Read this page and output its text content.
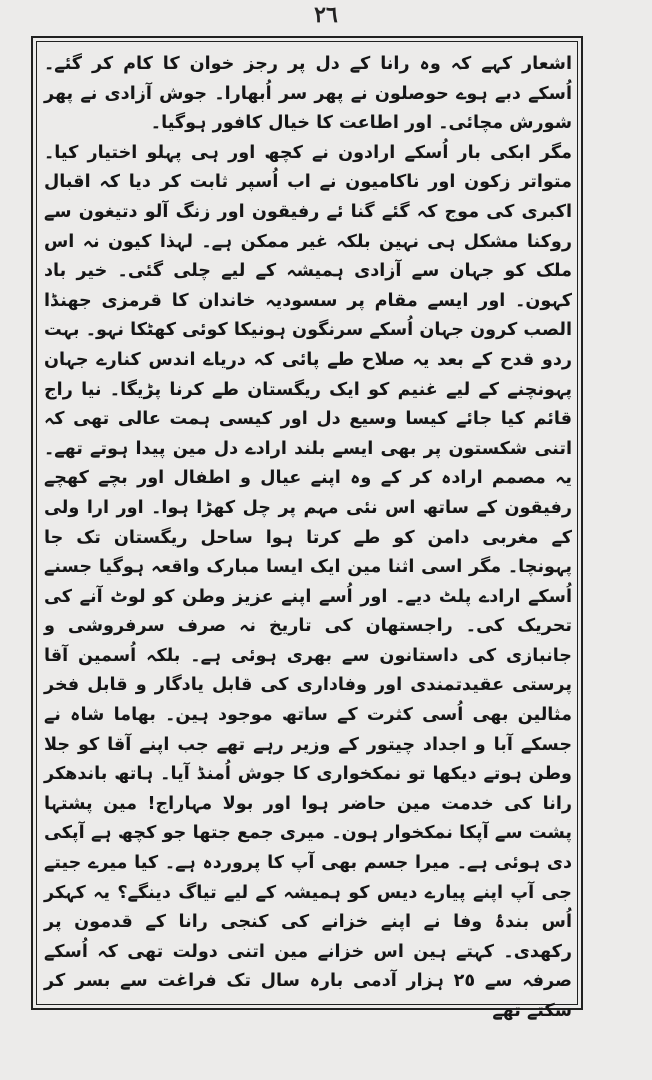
٢٦

اشعار کہے کہ وہ رانا کے دل پر رجز خوان کا کام کر گئے۔ اُسکے دبے ہوے حوصلون نے پھر سر اُبھارا۔ جوش آزادی نے پھر شورش مچائی۔ اور اطاعت کا خیال کافور ہوگیا۔

مگر ابکی بار اُسکے ارادون نے کچھ اور ہی پہلو اختیار کیا۔ متواتر زکون اور ناکامیون نے اب اُسپر ثابت کر دیا کہ اقبال اکبری کی موج کہ گئے گنا ئے رفیقون اور زنگ آلو دتیغون سے روکنا مشکل ہی نہین بلکہ غیر ممکن ہے۔ لہذا کیون نہ اس ملک کو جہان سے آزادی ہمیشہ کے لیے چلی گئی۔ خیر باد کہون۔ اور ایسے مقام پر سسودیہ خاندان کا قرمزی جھنڈا الصب کرون جہان اُسکے سرنگون ہونیکا کوئی کھٹکا نہو۔ بہت ردو قدح کے بعد یہ صلاح طے پائی کہ دریاے اندس کنارے جہان پہونچنے کے لیے غنیم کو ایک ریگستان طے کرنا پڑیگا۔ نیا راج قائم کیا جائے کیسا وسیع دل اور کیسی ہمت عالی تھی کہ اتنی شکستون پر بھی ایسے بلند ارادے دل مین پیدا ہوتے تھے۔ یہ مصمم ارادہ کر کے وہ اپنے عیال و اطفال اور بچے کھچے رفیقون کے ساتھ اس نئی مہم پر چل کھڑا ہوا۔ اور ارا ولی کے مغربی دامن کو طے کرتا ہوا ساحل ریگستان تک جا پہونچا۔ مگر اسی اثنا مین ایک ایسا مبارک واقعہ ہوگیا جسنے اُسکے ارادے پلٹ دیے۔ اور اُسے اپنے عزیز وطن کو لوٹ آنے کی تحریک کی۔ راجستھان کی تاریخ نہ صرف سرفروشی و جانبازی کی داستانون سے بھری ہوئی ہے۔ بلکہ اُسمین آقا پرستی عقیدتمندی اور وفاداری کی قابل یادگار و قابل فخر مثالین بھی اُسی کثرت کے ساتھ موجود ہین۔ بھاما شاہ نے جسکے آبا و اجداد چیتور کے وزیر رہے تھے جب اپنے آقا کو جلا وطن ہوتے دیکھا تو نمکخواری کا جوش اُمنڈ آیا۔ ہاتھ باندھکر رانا کی خدمت مین حاضر ہوا اور بولا مہاراج! مین پشتہا پشت سے آپکا نمکخوار ہون۔ میری جمع جتھا جو کچھ ہے آپکی دی ہوئی ہے۔ میرا جسم بھی آپ کا پروردہ ہے۔ کیا میرے جیتے جی آپ اپنے پیارے دیس کو ہمیشہ کے لیے تیاگ دینگے؟ یہ کہکر اُس بندۂ وفا نے اپنے خزانے کی کنجی رانا کے قدمون پر رکھدی۔ کہتے ہین اس خزانے مین اتنی دولت تھی کہ اُسکے صرفہ سے ٢٥ ہزار آدمی بارہ سال تک فراغت سے بسر کر سکتے تھے
